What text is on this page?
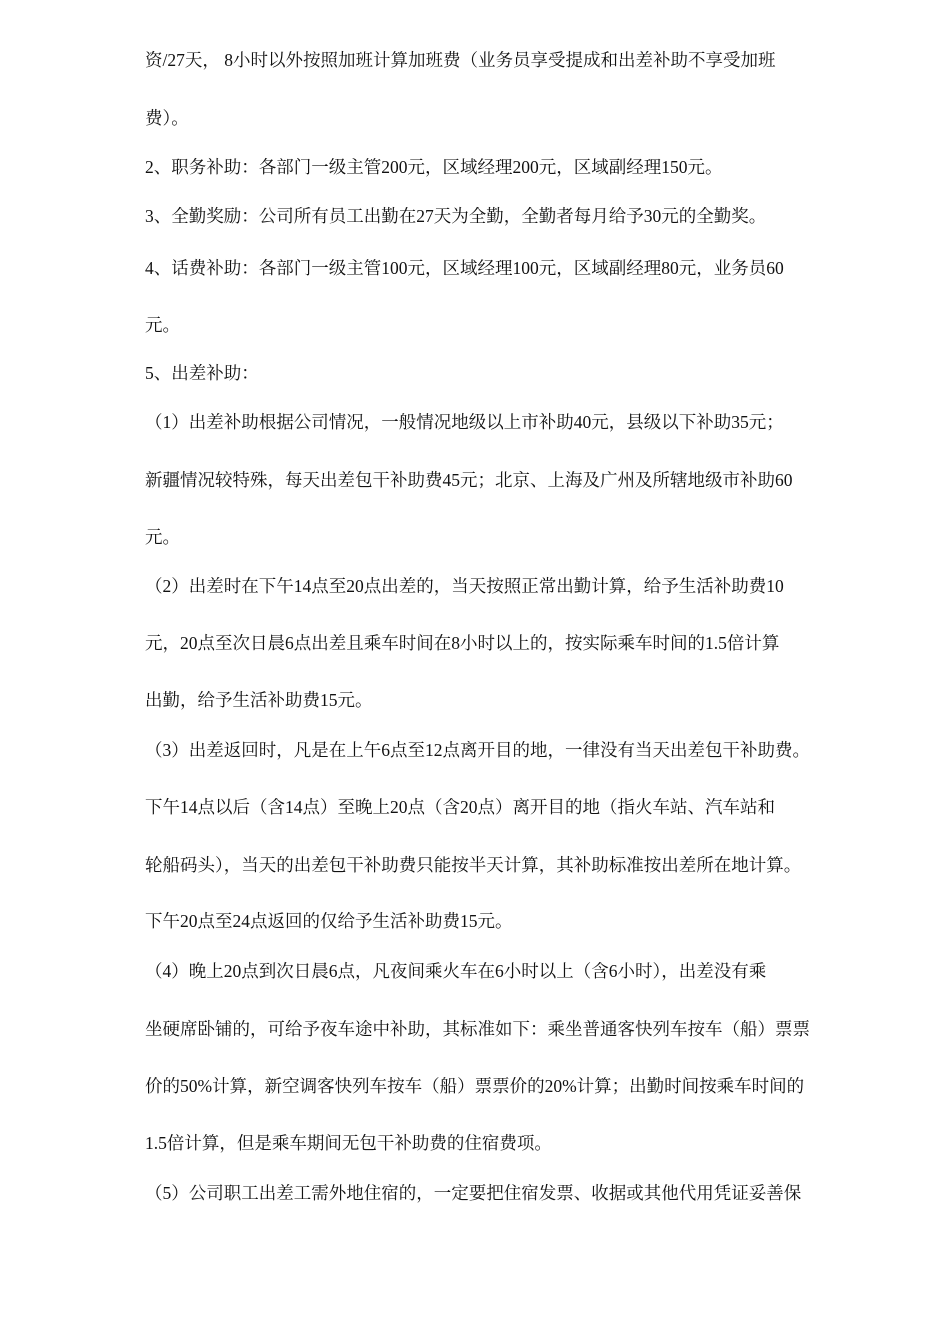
资/27天， 8小时以外按照加班计算加班费（业务员享受提成和出差补助不享受加班
费）。
2、职务补助：各部门一级主管200元，区域经理200元，区域副经理150元。
3、全勤奖励：公司所有员工出勤在27天为全勤，全勤者每月给予30元的全勤奖。
4、话费补助：各部门一级主管100元，区域经理100元，区域副经理80元，业务员60
元。
5、出差补助：
（1）出差补助根据公司情况，一般情况地级以上市补助40元，县级以下补助35元；
新疆情况较特殊，每天出差包干补助费45元；北京、上海及广州及所辖地级市补助60
元。
（2）出差时在下午14点至20点出差的，当天按照正常出勤计算，给予生活补助费10
元，20点至次日晨6点出差且乘车时间在8小时以上的，按实际乘车时间的1.5倍计算
出勤，给予生活补助费15元。
（3）出差返回时，凡是在上午6点至12点离开目的地，一律没有当天出差包干补助费。
下午14点以后（含14点）至晚上20点（含20点）离开目的地（指火车站、汽车站和
轮船码头），当天的出差包干补助费只能按半天计算，其补助标准按出差所在地计算。
下午20点至24点返回的仅给予生活补助费15元。
（4）晚上20点到次日晨6点，凡夜间乘火车在6小时以上（含6小时），出差没有乘
坐硬席卧铺的，可给予夜车途中补助，其标准如下：乘坐普通客快列车按车（船）票票
价的50%计算，新空调客快列车按车（船）票票价的20%计算；出勤时间按乘车时间的
1.5倍计算，但是乘车期间无包干补助费的住宿费项。
（5）公司职工出差工需外地住宿的，一定要把住宿发票、收据或其他代用凭证妥善保
